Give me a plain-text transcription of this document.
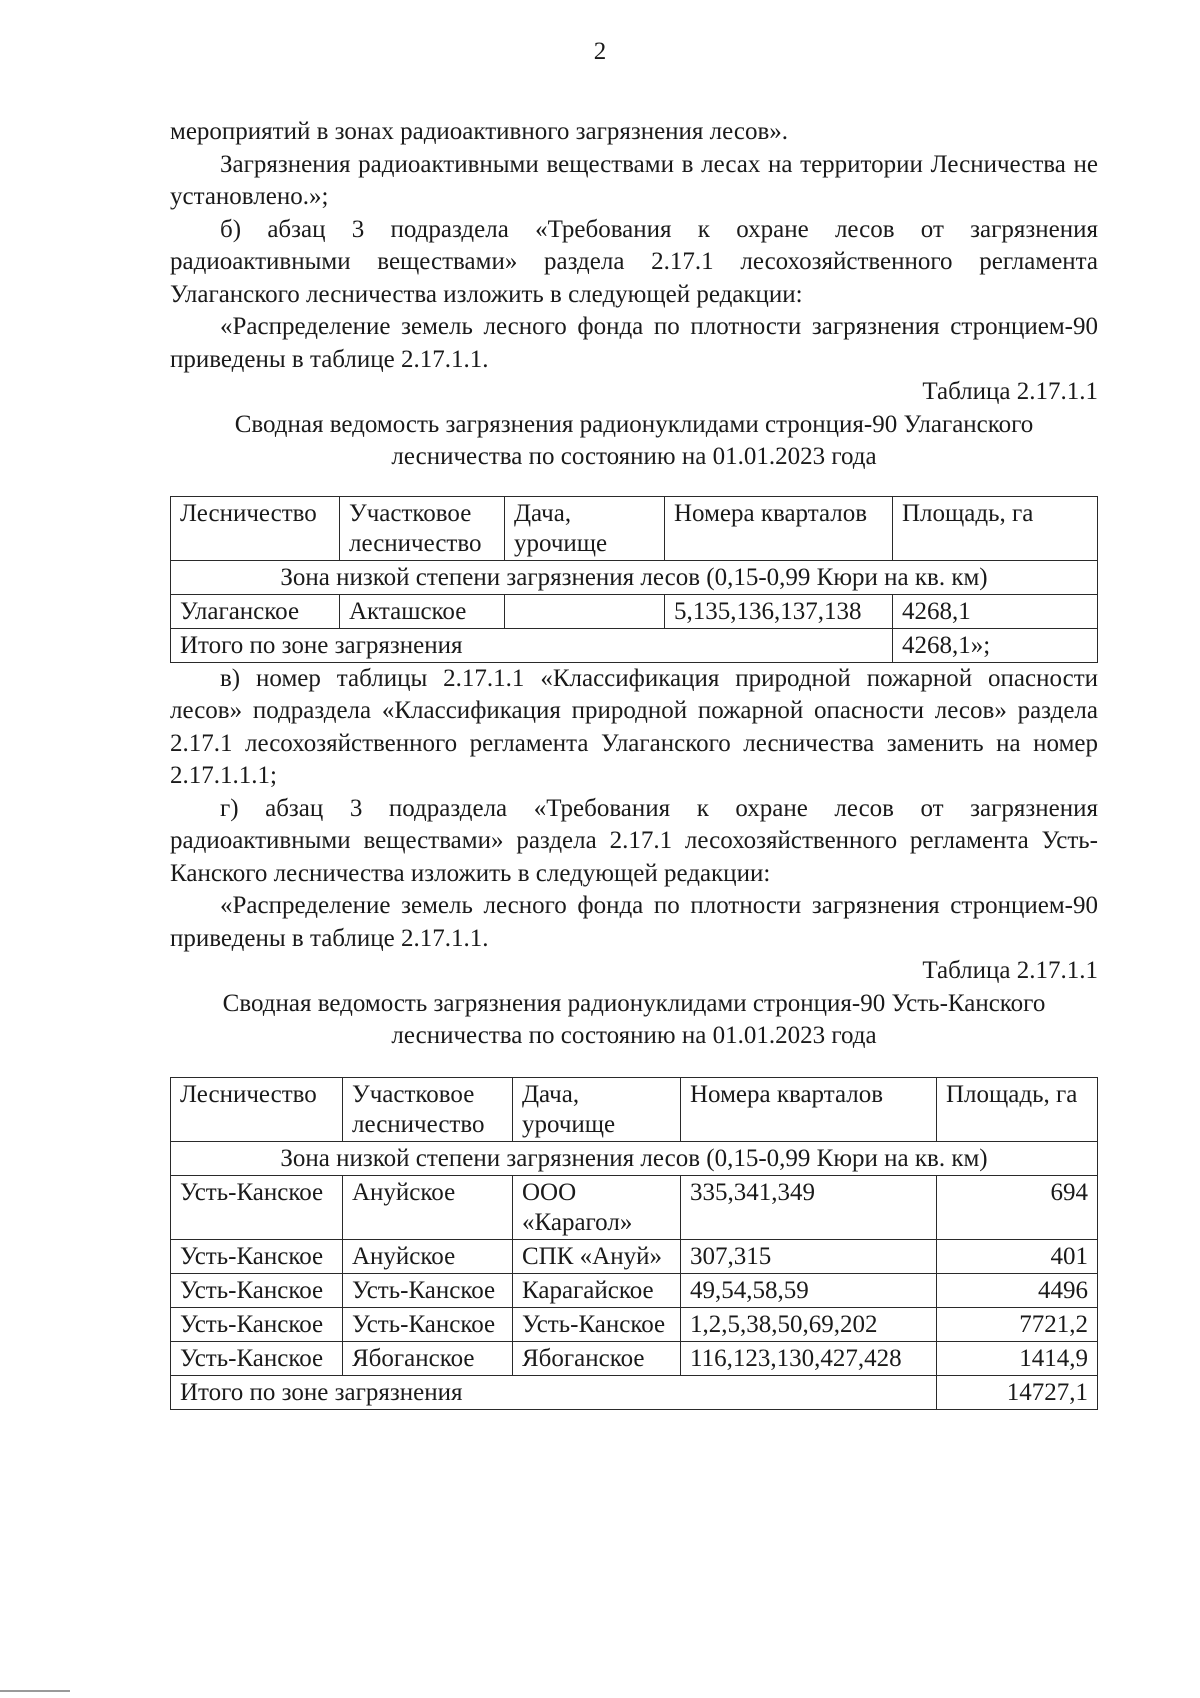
2

мероприятий в зонах радиоактивного загрязнения лесов».

Загрязнения радиоактивными веществами в лесах на территории Лесничества не установлено.»;

б) абзац 3 подраздела «Требования к охране лесов от загрязнения радиоактивными веществами» раздела 2.17.1 лесохозяйственного регламента Улаганского лесничества изложить в следующей редакции:

«Распределение земель лесного фонда по плотности загрязнения стронцием-90 приведены в таблице 2.17.1.1.

Таблица 2.17.1.1

Сводная ведомость загрязнения радионуклидами стронция-90 Улаганского лесничества по состоянию на 01.01.2023 года

Лесничество	Участковое лесничество	Дача, урочище	Номера кварталов	Площадь, га
Зона низкой степени загрязнения лесов (0,15-0,99 Кюри на кв. км)				
Улаганское	Акташское		5,135,136,137,138	4268,1
Итого по зоне загрязнения				4268,1»;

в) номер таблицы 2.17.1.1 «Классификация природной пожарной опасности лесов» подраздела «Классификация природной пожарной опасности лесов» раздела 2.17.1 лесохозяйственного регламента Улаганского лесничества заменить на номер 2.17.1.1.1;

г) абзац 3 подраздела «Требования к охране лесов от загрязнения радиоактивными веществами» раздела 2.17.1 лесохозяйственного регламента Усть-Канского лесничества изложить в следующей редакции:

«Распределение земель лесного фонда по плотности загрязнения стронцием-90 приведены в таблице 2.17.1.1.

Таблица 2.17.1.1

Сводная ведомость загрязнения радионуклидами стронция-90 Усть-Канского лесничества по состоянию на 01.01.2023 года

Лесничество	Участковое лесничество	Дача, урочище	Номера кварталов	Площадь, га
Зона низкой степени загрязнения лесов (0,15-0,99 Кюри на кв. км)				
Усть-Канское	Ануйское	ООО «Карагол»	335,341,349	694
Усть-Канское	Ануйское	СПК «Ануй»	307,315	401
Усть-Канское	Усть-Канское	Карагайское	49,54,58,59	4496
Усть-Канское	Усть-Канское	Усть-Канское	1,2,5,38,50,69,202	7721,2
Усть-Канское	Ябоганское	Ябоганское	116,123,130,427,428	1414,9
Итого по зоне загрязнения				14727,1
